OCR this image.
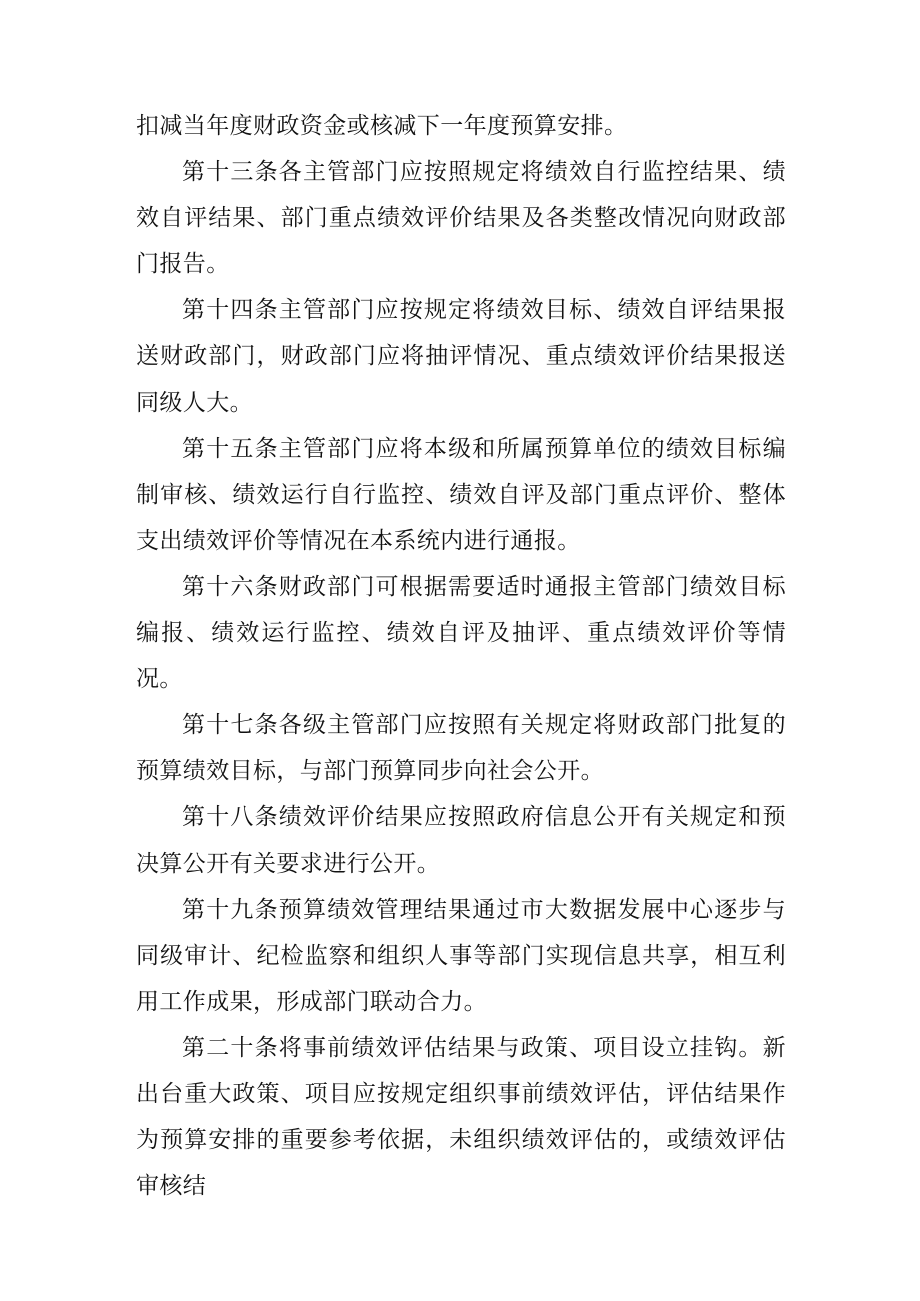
扣减当年度财政资金或核减下一年度预算安排。

第十三条各主管部门应按照规定将绩效自行监控结果、绩效自评结果、部门重点绩效评价结果及各类整改情况向财政部门报告。

第十四条主管部门应按规定将绩效目标、绩效自评结果报送财政部门，财政部门应将抽评情况、重点绩效评价结果报送同级人大。

第十五条主管部门应将本级和所属预算单位的绩效目标编制审核、绩效运行自行监控、绩效自评及部门重点评价、整体支出绩效评价等情况在本系统内进行通报。

第十六条财政部门可根据需要适时通报主管部门绩效目标编报、绩效运行监控、绩效自评及抽评、重点绩效评价等情况。

第十七条各级主管部门应按照有关规定将财政部门批复的预算绩效目标，与部门预算同步向社会公开。

第十八条绩效评价结果应按照政府信息公开有关规定和预决算公开有关要求进行公开。

第十九条预算绩效管理结果通过市大数据发展中心逐步与同级审计、纪检监察和组织人事等部门实现信息共享，相互利用工作成果，形成部门联动合力。

第二十条将事前绩效评估结果与政策、项目设立挂钩。新出台重大政策、项目应按规定组织事前绩效评估，评估结果作为预算安排的重要参考依据，未组织绩效评估的，或绩效评估审核结
